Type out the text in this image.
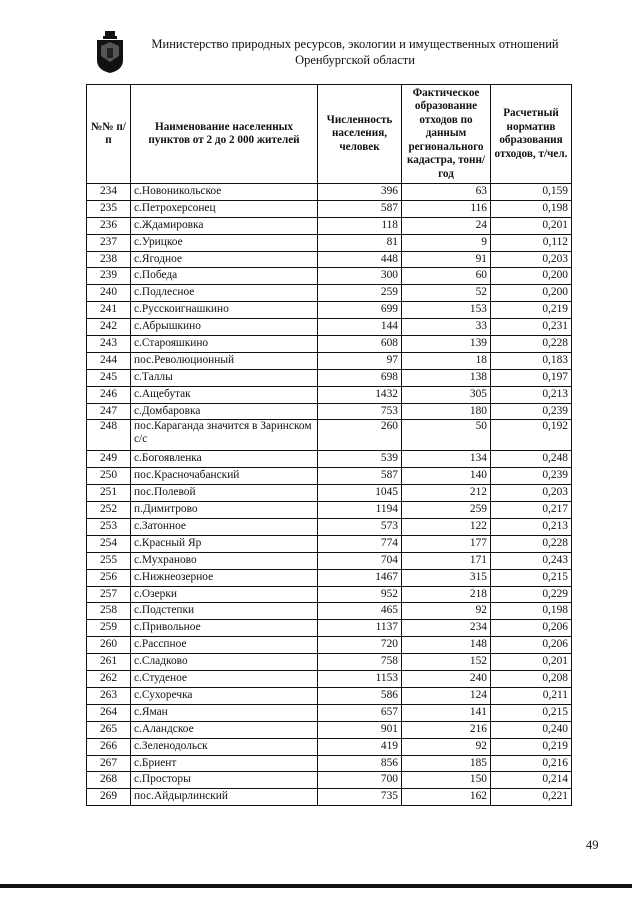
Министерство природных ресурсов, экологии и имущественных отношений
Оренбургской области
№№ п/п	Наименование населенных пунктов от 2 до 2 000 жителей	Численность населения, человек	Фактическое образование отходов по данным регионального кадастра, тонн/год	Расчетный норматив образования отходов, т/чел.
234	с.Новоникольское	396	63	0,159
235	с.Петрохерсонец	587	116	0,198
236	с.Ждамировка	118	24	0,201
237	с.Урицкое	81	9	0,112
238	с.Ягодное	448	91	0,203
239	с.Победа	300	60	0,200
240	с.Подлесное	259	52	0,200
241	с.Русскоигнашкино	699	153	0,219
242	с.Абрышкино	144	33	0,231
243	с.Старояшкино	608	139	0,228
244	пос.Революционный	97	18	0,183
245	с.Таллы	698	138	0,197
246	с.Ащебутак	1432	305	0,213
247	с.Домбаровка	753	180	0,239
248	пос.Караганда значится в Заринском с/с	260	50	0,192
249	с.Богоявленка	539	134	0,248
250	пос.Красночабанский	587	140	0,239
251	пос.Полевой	1045	212	0,203
252	п.Димитрово	1194	259	0,217
253	с.Затонное	573	122	0,213
254	с.Красный Яр	774	177	0,228
255	с.Мухраново	704	171	0,243
256	с.Нижнеозерное	1467	315	0,215
257	с.Озерки	952	218	0,229
258	с.Подстепки	465	92	0,198
259	с.Привольное	1137	234	0,206
260	с.Расспное	720	148	0,206
261	с.Сладково	758	152	0,201
262	с.Студеное	1153	240	0,208
263	с.Сухоречка	586	124	0,211
264	с.Яман	657	141	0,215
265	с.Аландское	901	216	0,240
266	с.Зеленодольск	419	92	0,219
267	с.Бриент	856	185	0,216
268	с.Просторы	700	150	0,214
269	пос.Айдырлинский	735	162	0,221
49
